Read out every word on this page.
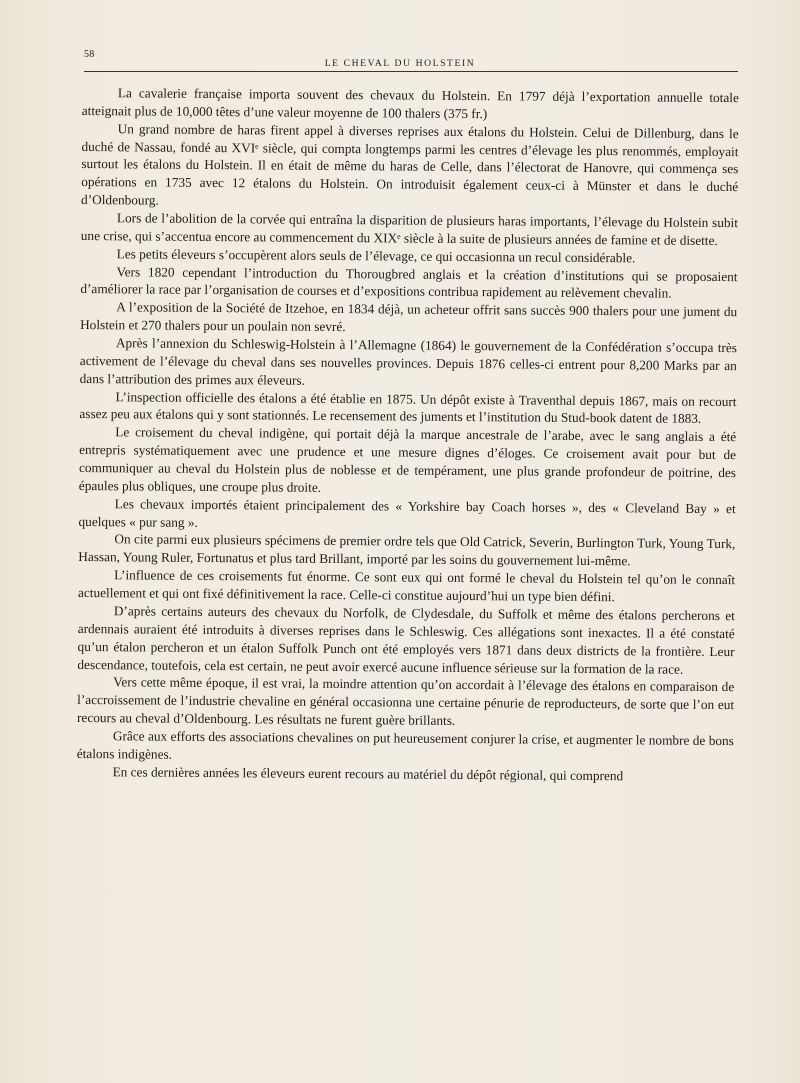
58
LE CHEVAL DU HOLSTEIN

La cavalerie française importa souvent des chevaux du Holstein. En 1797 déjà l’exportation annuelle totale atteignait plus de 10,000 têtes d’une valeur moyenne de 100 thalers (375 fr.)

Un grand nombre de haras firent appel à diverses reprises aux étalons du Holstein. Celui de Dillenburg, dans le duché de Nassau, fondé au XVIᵉ siècle, qui compta longtemps parmi les centres d’élevage les plus renommés, employait surtout les étalons du Holstein. Il en était de même du haras de Celle, dans l’électorat de Hanovre, qui commença ses opérations en 1735 avec 12 étalons du Holstein. On introduisit également ceux-ci à Münster et dans le duché d’Oldenbourg.

Lors de l’abolition de la corvée qui entraîna la disparition de plusieurs haras importants, l’élevage du Holstein subit une crise, qui s’accentua encore au commencement du XIXᵉ siècle à la suite de plusieurs années de famine et de disette.

Les petits éleveurs s’occupèrent alors seuls de l’élevage, ce qui occasionna un recul considérable.

Vers 1820 cependant l’introduction du Thorougbred anglais et la création d’institutions qui se proposaient d’améliorer la race par l’organisation de courses et d’expositions contribua rapidement au relèvement chevalin.

A l’exposition de la Société de Itzehoe, en 1834 déjà, un acheteur offrit sans succès 900 thalers pour une jument du Holstein et 270 thalers pour un poulain non sevré.

Après l’annexion du Schleswig-Holstein à l’Allemagne (1864) le gouvernement de la Confédération s’occupa très activement de l’élevage du cheval dans ses nouvelles provinces. Depuis 1876 celles-ci entrent pour 8,200 Marks par an dans l’attribution des primes aux éleveurs.

L’inspection officielle des étalons a été établie en 1875. Un dépôt existe à Traventhal depuis 1867, mais on recourt assez peu aux étalons qui y sont stationnés. Le recensement des juments et l’institution du Stud-book datent de 1883.

Le croisement du cheval indigène, qui portait déjà la marque ancestrale de l’arabe, avec le sang anglais a été entrepris systématiquement avec une prudence et une mesure dignes d’éloges. Ce croisement avait pour but de communiquer au cheval du Holstein plus de noblesse et de tempérament, une plus grande profondeur de poitrine, des épaules plus obliques, une croupe plus droite.

Les chevaux importés étaient principalement des « Yorkshire bay Coach horses », des « Cleveland Bay » et quelques « pur sang ».

On cite parmi eux plusieurs spécimens de premier ordre tels que Old Catrick, Severin, Burlington Turk, Young Turk, Hassan, Young Ruler, Fortunatus et plus tard Brillant, importé par les soins du gouvernement lui-même.

L’influence de ces croisements fut énorme. Ce sont eux qui ont formé le cheval du Holstein tel qu’on le connaît actuellement et qui ont fixé définitivement la race. Celle-ci constitue aujourd’hui un type bien défini.

D’après certains auteurs des chevaux du Norfolk, de Clydesdale, du Suffolk et même des étalons percherons et ardennais auraient été introduits à diverses reprises dans le Schleswig. Ces allégations sont inexactes. Il a été constaté qu’un étalon percheron et un étalon Suffolk Punch ont été employés vers 1871 dans deux districts de la frontière. Leur descendance, toutefois, cela est certain, ne peut avoir exercé aucune influence sérieuse sur la formation de la race.

Vers cette même époque, il est vrai, la moindre attention qu’on accordait à l’élevage des étalons en comparaison de l’accroissement de l’industrie chevaline en général occasionna une certaine pénurie de reproducteurs, de sorte que l’on eut recours au cheval d’Oldenbourg. Les résultats ne furent guère brillants.

Grâce aux efforts des associations chevalines on put heureusement conjurer la crise, et augmenter le nombre de bons étalons indigènes.

En ces dernières années les éleveurs eurent recours au matériel du dépôt régional, qui comprend
